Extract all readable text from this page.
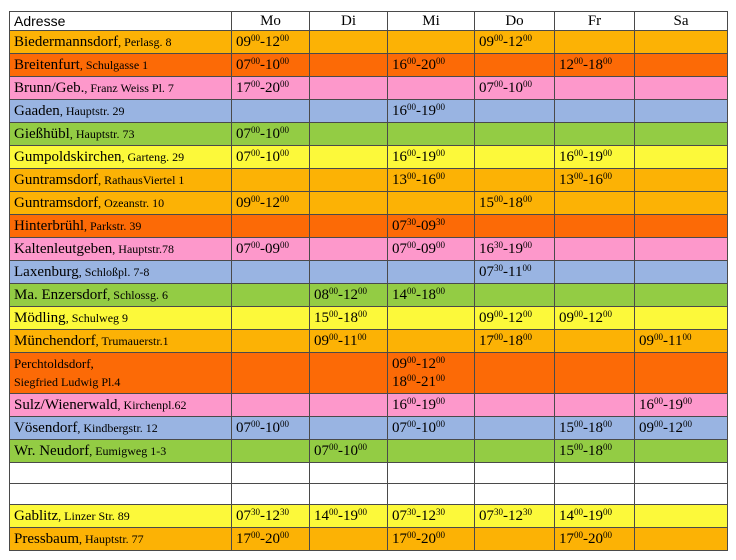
Adresse	Mo	Di	Mi	Do	Fr	Sa
Biedermannsdorf, Perlasg. 8	$09^{00}-12^{00}$			$09^{00}-12^{00}$		
Breitenfurt, Schulgasse 1	$07^{00}-10^{00}$		$16^{00}-20^{00}$		$12^{00}-18^{00}$	
Brunn/Geb., Franz Weiss Pl. 7	$17^{00}-20^{00}$			$07^{00}-10^{00}$		
Gaaden, Hauptstr. 29			$16^{00}-19^{00}$			
Gießhübl, Hauptstr. 73	$07^{00}-10^{00}$					
Gumpoldskirchen, Garteng. 29	$07^{00}-10^{00}$		$16^{00}-19^{00}$		$16^{00}-19^{00}$	
Guntramsdorf, RathausViertel 1			$13^{00}-16^{00}$		$13^{00}-16^{00}$	
Guntramsdorf, Ozeanstr. 10	$09^{00}-12^{00}$			$15^{00}-18^{00}$		
Hinterbrühl, Parkstr. 39			$07^{30}-09^{30}$			
Kaltenleutgeben, Hauptstr.78	$07^{00}-09^{00}$		$07^{00}-09^{00}$	$16^{30}-19^{00}$		
Laxenburg, Schloßpl. 7-8				$07^{30}-11^{00}$		
Ma. Enzersdorf, Schlossg. 6		$08^{00}-12^{00}$	$14^{00}-18^{00}$			
Mödling, Schulweg 9		$15^{00}-18^{00}$		$09^{00}-12^{00}$	$09^{00}-12^{00}$	
Münchendorf, Trumauerstr.1		$09^{00}-11^{00}$		$17^{00}-18^{00}$		$09^{00}-11^{00}$

Perchtoldsdorf,
Siegfried Ludwig Pl.4			$09^{00}-12^{00}$
$18^{00}-21^{00}$

Sulz/Wienerwald, Kirchenpl.62			$16^{00}-19^{00}$			$16^{00}-19^{00}$
Vösendorf, Kindbergstr. 12	$07^{00}-10^{00}$		$07^{00}-10^{00}$		$15^{00}-18^{00}$	$09^{00}-12^{00}$
Wr. Neudorf, Eumigweg 1-3		$07^{00}-10^{00}$			$15^{00}-18^{00}$	

Gablitz, Linzer Str. 89	$07^{30}-12^{30}$	$14^{00}-19^{00}$	$07^{30}-12^{30}$	$07^{30}-12^{30}$	$14^{00}-19^{00}$	
Pressbaum, Hauptstr. 77	$17^{00}-20^{00}$		$17^{00}-20^{00}$		$17^{00}-20^{00}$	
